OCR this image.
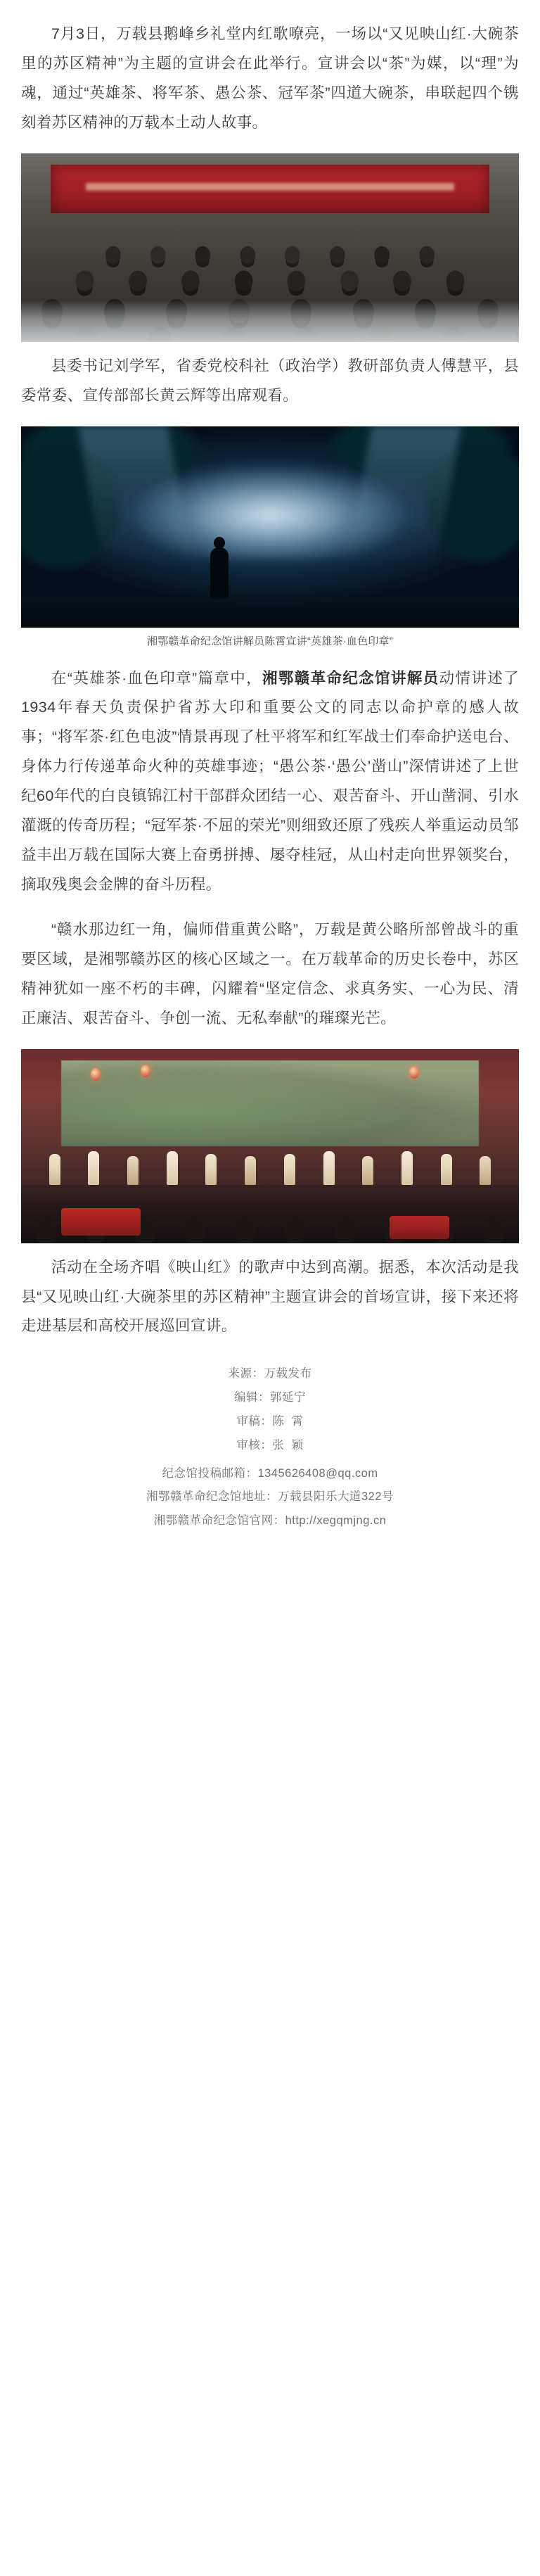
7月3日，万载县鹅峰乡礼堂内红歌嘹亮，一场以“又见映山红·大碗茶里的苏区精神”为主题的宣讲会在此举行。宣讲会以“茶”为媒，以“理”为魂，通过“英雄茶、将军茶、愚公茶、冠军茶”四道大碗茶，串联起四个镌刻着苏区精神的万载本土动人故事。

县委书记刘学军，省委党校科社（政治学）教研部负责人傅慧平，县委常委、宣传部部长黄云辉等出席观看。

湘鄂赣革命纪念馆讲解员陈霄宣讲“英雄茶·血色印章”

在“英雄茶·血色印章”篇章中，湘鄂赣革命纪念馆讲解员动情讲述了1934年春天负责保护省苏大印和重要公文的同志以命护章的感人故事；“将军茶·红色电波”情景再现了杜平将军和红军战士们奉命护送电台、身体力行传递革命火种的英雄事迹；“愚公茶·‘愚公’凿山”深情讲述了上世纪60年代的白良镇锦江村干部群众团结一心、艰苦奋斗、开山凿洞、引水灌溉的传奇历程；“冠军茶·不屈的荣光”则细致还原了残疾人举重运动员邹益丰出万载在国际大赛上奋勇拼搏、屡夺桂冠，从山村走向世界领奖台，摘取残奥会金牌的奋斗历程。

“赣水那边红一角，偏师借重黄公略”，万载是黄公略所部曾战斗的重要区域，是湘鄂赣苏区的核心区域之一。在万载革命的历史长卷中，苏区精神犹如一座不朽的丰碑，闪耀着“坚定信念、求真务实、一心为民、清正廉洁、艰苦奋斗、争创一流、无私奉献”的璀璨光芒。

活动在全场齐唱《映山红》的歌声中达到高潮。据悉，本次活动是我县“又见映山红·大碗茶里的苏区精神”主题宣讲会的首场宣讲，接下来还将走进基层和高校开展巡回宣讲。

来源：万载发布
编辑：郭延宁
审稿：陈  霄
审核：张  颖
纪念馆投稿邮箱：1345626408@qq.com
湘鄂赣革命纪念馆地址：万载县阳乐大道322号
湘鄂赣革命纪念馆官网：http://xegqmjng.cn
